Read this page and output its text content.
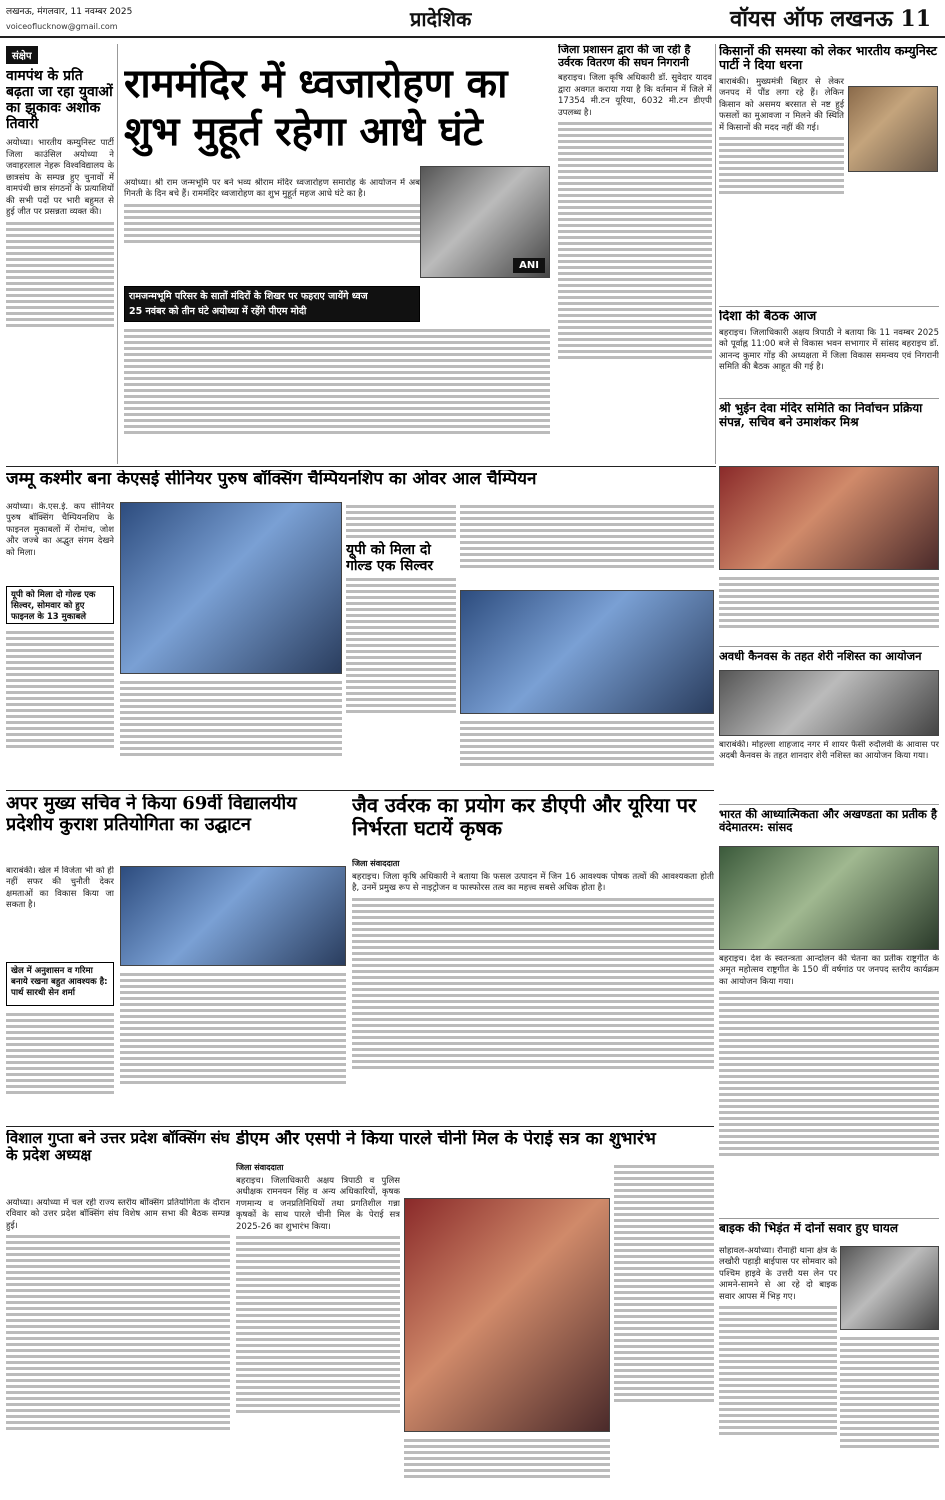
लखनऊ, मंगलवार, 11 नवम्बर 2025
voiceoflucknow@gmail.com	प्रादेशिक	वॉयस ऑफ लखनऊ 11
संक्षेप
वामपंथ के प्रति बढ़ता जा रहा युवाओं का झुकावः अशोक तिवारी
अयोध्या। भारतीय कम्युनिस्ट पार्टी जिला काउंसिल अयोध्या ने जवाहरलाल नेहरू विश्वविद्यालय के छात्रसंघ के सम्पन्न हुए चुनावों में वामपंथी छात्र संगठनों के प्रत्याशियों की सभी पदों पर भारी बहुमत से हुई जीत पर प्रसन्नता व्यक्त की।
राममंदिर में ध्वजारोहण का शुभ मुहूर्त रहेगा आधे घंटे
अयोध्या। श्री राम जन्मभूमि पर बने भव्य श्रीराम मंदिर ध्वजारोहण समारोह के आयोजन में अब गिनती के दिन बचे हैं। राममंदिर ध्वजारोहण का शुभ मुहूर्त महज आधे घंटे का है।
ANI
रामजन्मभूमि परिसर के सातों मंदिरों के शिखर पर फहराए जायेंगे ध्वज
25 नवंबर को तीन घंटे अयोध्या में रहेंगे पीएम मोदी
जिला प्रशासन द्वारा की जा रही है उर्वरक वितरण की सघन निगरानी
बहराइच। जिला कृषि अधिकारी डॉ. सुवेदार यादव द्वारा अवगत कराया गया है कि वर्तमान में जिले में 17354 मी.टन यूरिया, 6032 मी.टन डीएपी उपलब्ध है।
किसानों की समस्या को लेकर भारतीय कम्युनिस्ट पार्टी ने दिया धरना
बाराबंकी। मुख्यमंत्री बिहार से लेकर जनपद में पौंड लगा रहे हैं। लेकिन किसान को असमय बरसात से नष्ट हुई फसलों का मुआवजा न मिलने की स्थिति में किसानों की मदद नहीं की गई।
दिशा की बैठक आज
बहराइच। जिलाधिकारी अक्षय त्रिपाठी ने बताया कि 11 नवम्बर 2025 को पूर्वाह्न 11:00 बजे से विकास भवन सभागार में सांसद बहराइच डॉ. आनन्द कुमार गोंड़ की अध्यक्षता में जिला विकास समन्वय एवं निगरानी समिति की बैठक आहूत की गई है।
श्री भुईन देवा मंदिर समिति का निर्वाचन प्रक्रिया संपन्न, सचिव बने उमाशंकर मिश्र
जम्मू कश्मीर बना केएसई सीनियर पुरुष बॉक्सिंग चैम्पियनशिप का ओवर आल चैम्पियन
अयोध्या। के.एस.ई. कप सीनियर पुरुष बॉक्सिंग चैम्पियनशिप के फाइनल मुकाबलों में रोमांच, जोश और जज्बे का अद्भुत संगम देखने को मिला।
यूपी को मिला दो गोल्ड एक सिल्वर, सोमवार को हुए फाइनल के 13 मुकाबले
यूपी को मिला दो गोल्ड एक सिल्वर
अवधी कैनवस के तहत शेरी नशिस्त का आयोजन
बाराबंकी। मोहल्ला शाहजाद नगर में शायर फैसी रुदौलवी के आवास पर अदबी कैनवस के तहत शानदार शेरी नशिस्त का आयोजन किया गया।
भारत की आध्यात्मिकता और अखण्डता का प्रतीक है वंदेमातरम: सांसद
बहराइच। देश के स्वतन्त्रता आन्दोलन की चेतना का प्रतीक राष्ट्रगीत के अमृत महोत्सव राष्ट्रगीत के 150 वीं वर्षगांठ पर जनपद स्तरीय कार्यक्रम का आयोजन किया गया।
अपर मुख्य सचिव ने किया 69वीं विद्यालयीय प्रदेशीय कुराश प्रतियोगिता का उद्घाटन
बाराबंकी। खेल में विजेता भी को ही नहीं सफर की चुनौती देकर क्षमताओं का विकास किया जा सकता है।
खेल में अनुशासन व गरिमा बनाये रखना बहुत आवश्यक है: पार्थ सारथी सेन शर्मा
जैव उर्वरक का प्रयोग कर डीएपी और यूरिया पर निर्भरता घटायें कृषक
जिला संवाददाता
बहराइच। जिला कृषि अधिकारी ने बताया कि फसल उत्पादन में जिन 16 आवश्यक पोषक तत्वों की आवश्यकता होती है, उनमें प्रमुख रूप से नाइट्रोजन व फास्फोरस तत्व का महत्त्व सबसे अधिक होता है।
विशाल गुप्ता बने उत्तर प्रदेश बॉक्सिंग संघ के प्रदेश अध्यक्ष
अयोध्या। अयोध्या में चल रही राज्य स्तरीय बॉक्सिंग प्रतियोगिता के दौरान रविवार को उत्तर प्रदेश बॉक्सिंग संघ विशेष आम सभा की बैठक सम्पन्न हुई।
डीएम और एसपी ने किया पारले चीनी मिल के पेराई सत्र का शुभारंभ
जिला संवाददाता
बहराइच। जिलाधिकारी अक्षय त्रिपाठी व पुलिस अधीक्षक रामनयन सिंह व अन्य अधिकारियों, कृषक गणमान्य व जनप्रतिनिधियों तथा प्रगतिशील गन्ना कृषकों के साथ पारले चीनी मिल के पेराई सत्र 2025-26 का शुभारंभ किया।	बाइक की भिड़ंत में दोनों सवार हुए घायल
सोहावल-अयोध्या। रौनाही थाना क्षेत्र के लखौरी पहाड़ी बाईपास पर सोमवार को पश्चिम हाइवे के उत्तरी यस लेन पर आमने-सामने से आ रहे दो बाइक सवार आपस में भिड़ गए।
